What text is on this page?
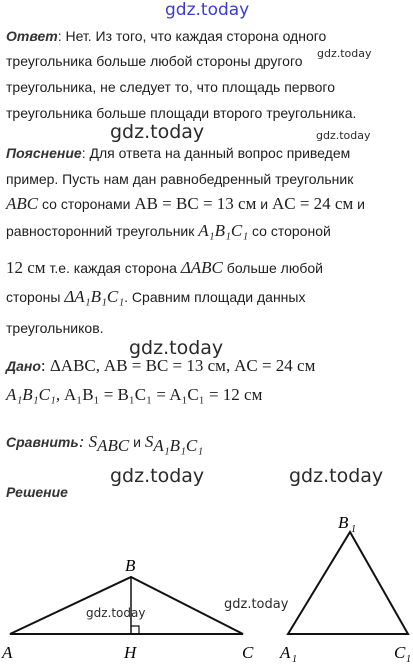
gdz.today
gdz.today
gdz.today	gdz.today
gdz.today
gdz.today	gdz.today
Ответ: Нет. Из того, что каждая сторона одного
треугольника больше любой стороны другого
треугольника, не следует то, что площадь первого
треугольника больше площади второго треугольника.
Пояснение: Для ответа на данный вопрос приведем
пример. Пусть нам дан равнобедренный треугольник
ABC со сторонами AB = BC = 13 см и AC = 24 см и
равносторонний треугольник A₁B₁C₁ со стороной
12 см т.е. каждая сторона ΔABC больше любой
стороны ΔA₁B₁C₁. Сравним площади данных
треугольников.
Дано: ΔABC, AB = BC = 13 см, AC = 24 см
A₁B₁C₁, A₁B₁ = B₁C₁ = A₁C₁ = 12 см
Сравнить: $S_{ABC}$ и $S_{A_1B_1C_1}$
Решение
A
B
C
H
gdz.today
B 1
A 1	C 1
gdz.today
